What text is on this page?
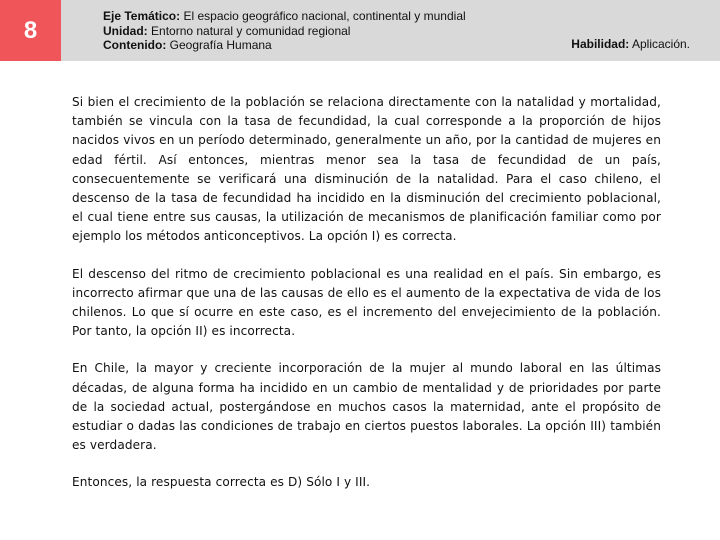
8
Eje Temático: El espacio geográfico nacional, continental y mundial
Unidad: Entorno natural y comunidad regional
Contenido: Geografía Humana	Habilidad: Aplicación.

Si bien el crecimiento de la población se relaciona directamente con la natalidad y mortalidad, también se vincula con la tasa de fecundidad, la cual corresponde a la proporción de hijos nacidos vivos en un período determinado, generalmente un año, por la cantidad de mujeres en edad fértil. Así entonces, mientras menor sea la tasa de fecundidad de un país, consecuentemente se verificará una disminución de la natalidad. Para el caso chileno, el descenso de la tasa de fecundidad ha incidido en la disminución del crecimiento poblacional, el cual tiene entre sus causas, la utilización de mecanismos de planificación familiar como por ejemplo los métodos anticonceptivos. La opción I) es correcta.

El descenso del ritmo de crecimiento poblacional es una realidad en el país. Sin embargo, es incorrecto afirmar que una de las causas de ello es el aumento de la expectativa de vida de los chilenos. Lo que sí ocurre en este caso, es el incremento del envejecimiento de la población. Por tanto, la opción II) es incorrecta.

En Chile, la mayor y creciente incorporación de la mujer al mundo laboral en las últimas décadas, de alguna forma ha incidido en un cambio de mentalidad y de prioridades por parte de la sociedad actual, postergándose en muchos casos la maternidad, ante el propósito de estudiar o dadas las condiciones de trabajo en ciertos puestos laborales. La opción III) también es verdadera.

Entonces, la respuesta correcta es D) Sólo I y III.
